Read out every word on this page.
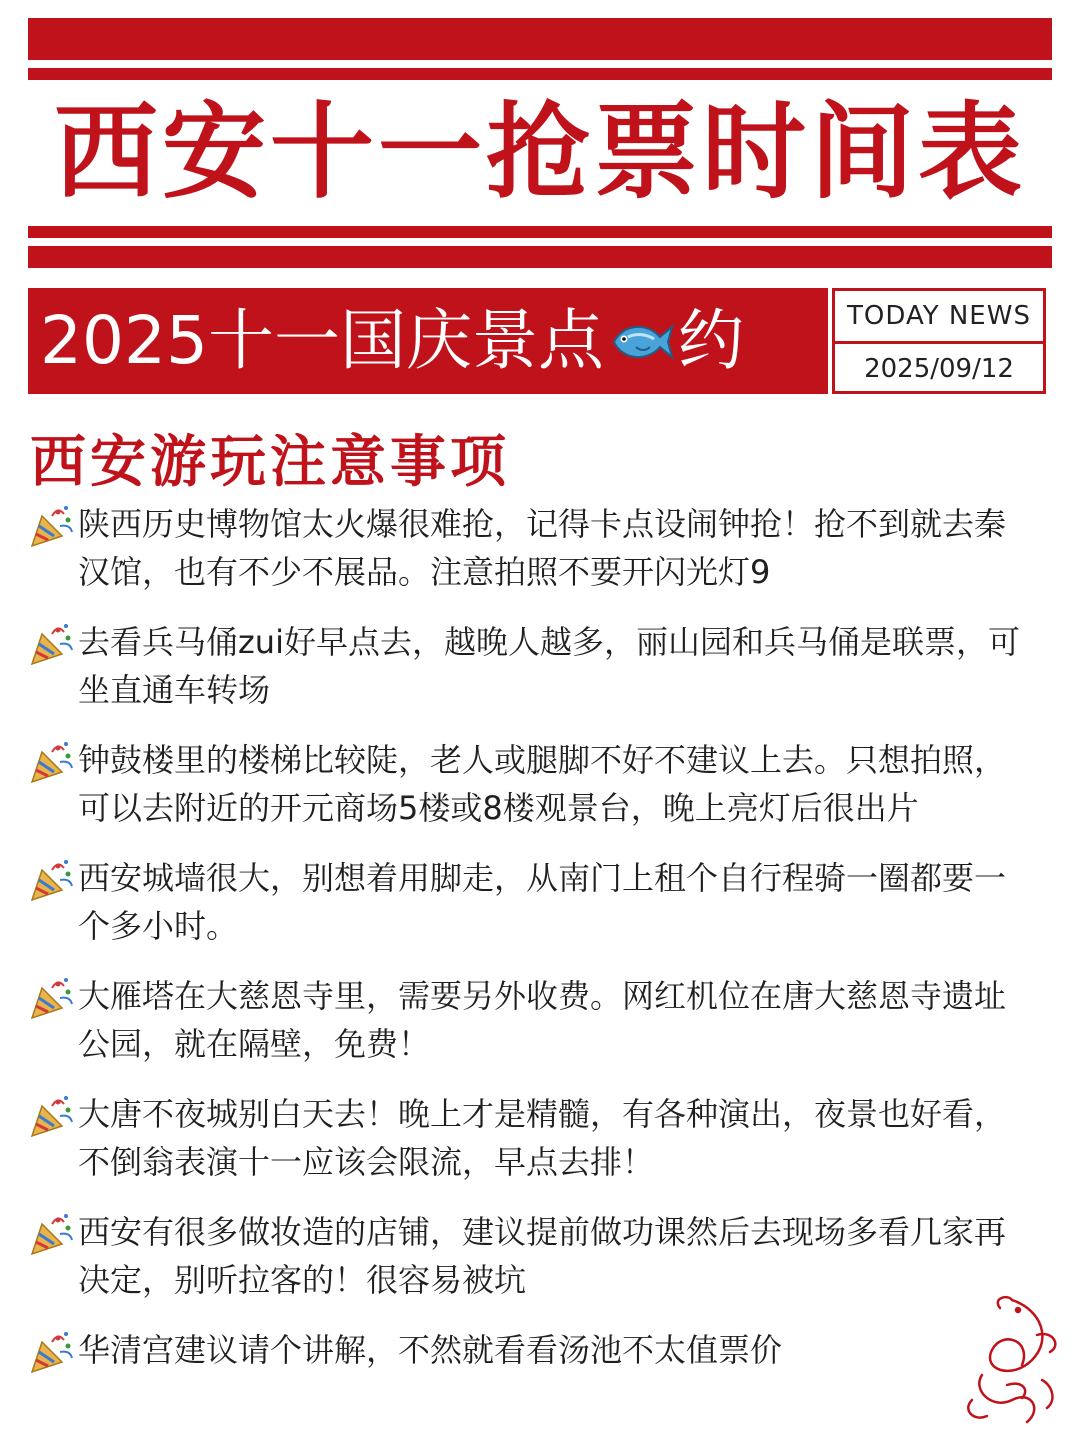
西安十一抢票时间表
2025十一国庆景点 约	TODAY NEWS
2025/09/12
西安游玩注意事项
陕西历史博物馆太火爆很难抢，记得卡点设闹钟抢！抢不到就去秦汉馆，也有不少不展品。注意拍照不要开闪光灯9
去看兵马俑zui好早点去，越晚人越多，丽山园和兵马俑是联票，可坐直通车转场
钟鼓楼里的楼梯比较陡，老人或腿脚不好不建议上去。只想拍照，可以去附近的开元商场5楼或8楼观景台，晚上亮灯后很出片
西安城墙很大，别想着用脚走，从南门上租个自行程骑一圈都要一个多小时。
大雁塔在大慈恩寺里，需要另外收费。网红机位在唐大慈恩寺遗址公园，就在隔壁，免费！
大唐不夜城别白天去！晚上才是精髓，有各种演出，夜景也好看，不倒翁表演十一应该会限流，早点去排！
西安有很多做妆造的店铺，建议提前做功课然后去现场多看几家再决定，别听拉客的！很容易被坑
华清宫建议请个讲解，不然就看看汤池不太值票价
